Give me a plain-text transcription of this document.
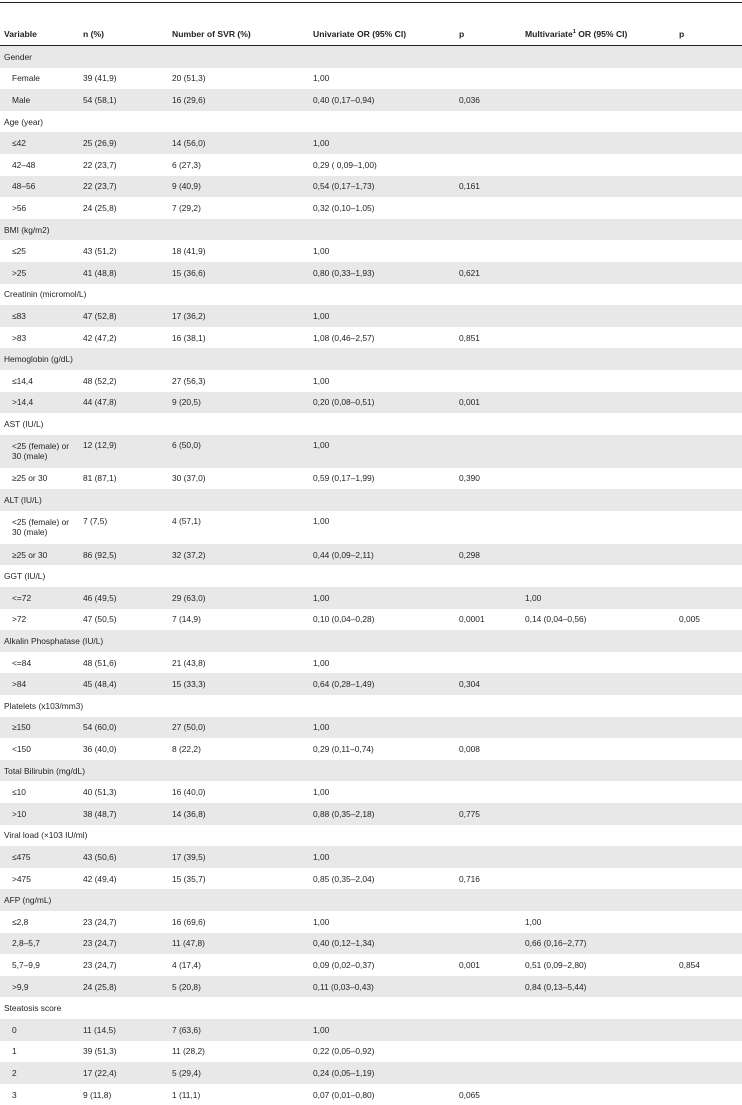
Variable	n (%)	Number of SVR (%)	Univariate OR (95% CI)	p	Multivariate$^1$ OR (95% CI)	p
Gender						
Female	39 (41,9)	20 (51,3)	1,00			
Male	54 (58,1)	16 (29,6)	0,40 (0,17–0,94)	0,036		
Age (year)						
≤42	25 (26,9)	14 (56,0)	1,00			
42–48	22 (23,7)	6 (27,3)	0,29 ( 0,09–1,00)			
48–56	22 (23,7)	9 (40,9)	0,54 (0,17–1,73)	0,161		
>56	24 (25,8)	7 (29,2)	0,32 (0,10–1,05)			
BMI (kg/m2)						
≤25	43 (51,2)	18 (41,9)	1,00			
>25	41 (48,8)	15 (36,6)	0,80 (0,33–1,93)	0,621		
Creatinin (micromol/L)						
≤83	47 (52,8)	17 (36,2)	1,00			
>83	42 (47,2)	16 (38,1)	1,08 (0,46–2,57)	0,851		
Hemoglobin (g/dL)						
≤14,4	48 (52,2)	27 (56,3)	1,00			
>14,4	44 (47,8)	9 (20,5)	0,20 (0,08–0,51)	0,001		
AST (IU/L)						
<25 (female) or 30 (male)	12 (12,9)	6 (50,0)	1,00			
≥25 or 30	81 (87,1)	30 (37,0)	0,59 (0,17–1,99)	0,390		
ALT (IU/L)						
<25 (female) or 30 (male)	7 (7,5)	4 (57,1)	1,00			
≥25 or 30	86 (92,5)	32 (37,2)	0,44 (0,09–2,11)	0,298		
GGT (IU/L)						
<=72	46 (49,5)	29 (63,0)	1,00		1,00	
>72	47 (50,5)	7 (14,9)	0,10 (0,04–0,28)	0,0001	0,14 (0,04–0,56)	0,005
Alkalin Phosphatase (IU/L)						
<=84	48 (51,6)	21 (43,8)	1,00			
>84	45 (48,4)	15 (33,3)	0,64 (0,28–1,49)	0,304		
Platelets (x103/mm3)						
≥150	54 (60,0)	27 (50,0)	1,00			
<150	36 (40,0)	8 (22,2)	0,29 (0,11–0,74)	0,008		
Total Bilirubin (mg/dL)						
≤10	40 (51,3)	16 (40,0)	1,00			
>10	38 (48,7)	14 (36,8)	0,88 (0,35–2,18)	0,775		
Viral load (×103 IU/ml)						
≤475	43 (50,6)	17 (39,5)	1,00			
>475	42 (49,4)	15 (35,7)	0,85 (0,35–2,04)	0,716		
AFP (ng/mL)						
≤2,8	23 (24,7)	16 (69,6)	1,00		1,00	
2,8–5,7	23 (24,7)	11 (47,8)	0,40 (0,12–1,34)		0,66 (0,16–2,77)	
5,7–9,9	23 (24,7)	4 (17,4)	0,09 (0,02–0,37)	0,001	0,51 (0,09–2,80)	0,854
>9,9	24 (25,8)	5 (20,8)	0,11 (0,03–0,43)		0,84 (0,13–5,44)	
Steatosis score						
0	11 (14,5)	7 (63,6)	1,00			
1	39 (51,3)	11 (28,2)	0,22 (0,05–0,92)			
2	17 (22,4)	5 (29,4)	0,24 (0,05–1,19)			
3	9 (11,8)	1 (11,1)	0,07 (0,01–0,80)	0,065		
